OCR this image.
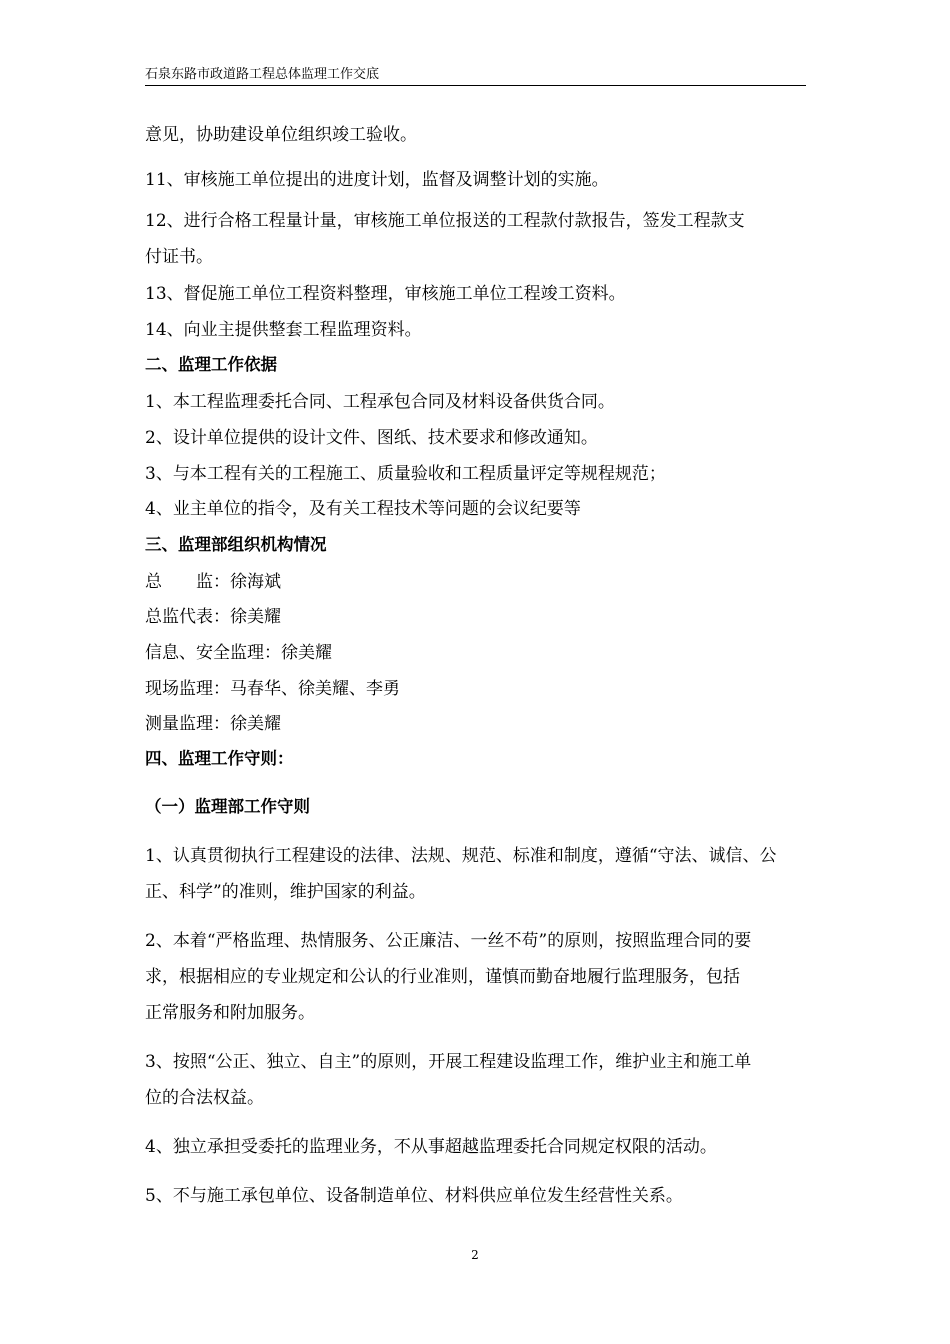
石泉东路市政道路工程总体监理工作交底
意见，协助建设单位组织竣工验收。
11、审核施工单位提出的进度计划，监督及调整计划的实施。
12、进行合格工程量计量，审核施工单位报送的工程款付款报告，签发工程款支
付证书。
13、督促施工单位工程资料整理，审核施工单位工程竣工资料。
14、向业主提供整套工程监理资料。
二、监理工作依据
1、本工程监理委托合同、工程承包合同及材料设备供货合同。
2、设计单位提供的设计文件、图纸、技术要求和修改通知。
3、与本工程有关的工程施工、质量验收和工程质量评定等规程规范；
4、业主单位的指令，及有关工程技术等问题的会议纪要等
三、监理部组织机构情况
总　　监：徐海斌
总监代表：徐美耀
信息、安全监理：徐美耀
现场监理：马春华、徐美耀、李勇
测量监理：徐美耀
四、监理工作守则：
（一）监理部工作守则
1、认真贯彻执行工程建设的法律、法规、规范、标准和制度，遵循“守法、诚信、公
正、科学”的准则，维护国家的利益。
2、本着“严格监理、热情服务、公正廉洁、一丝不苟”的原则，按照监理合同的要
求，根据相应的专业规定和公认的行业准则，谨慎而勤奋地履行监理服务，包括
正常服务和附加服务。
3、按照“公正、独立、自主”的原则，开展工程建设监理工作，维护业主和施工单
位的合法权益。
4、独立承担受委托的监理业务，不从事超越监理委托合同规定权限的活动。
5、不与施工承包单位、设备制造单位、材料供应单位发生经营性关系。
2
